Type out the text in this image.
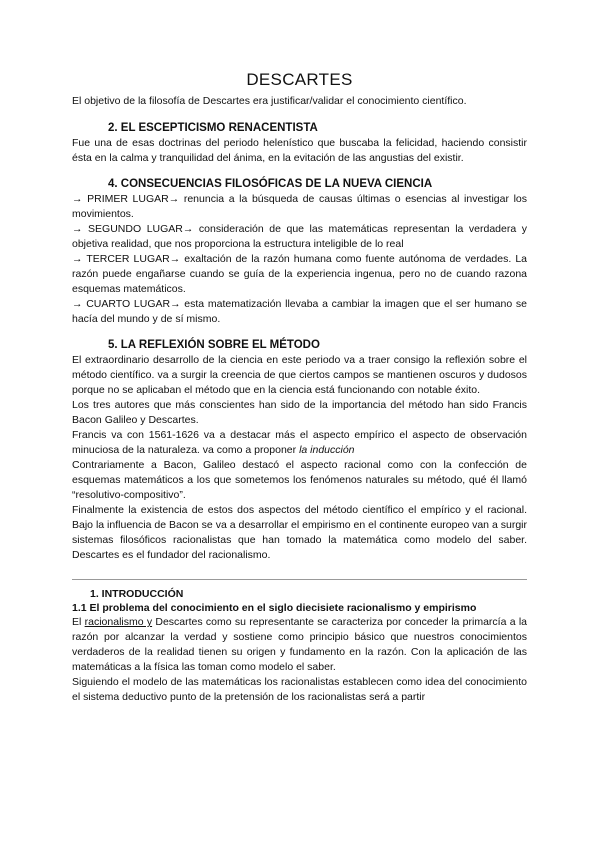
DESCARTES

El objetivo de la filosofía de Descartes era justificar/validar el conocimiento científico.

2. EL ESCEPTICISMO RENACENTISTA

Fue una de esas doctrinas del periodo helenístico que buscaba la felicidad, haciendo consistir ésta en la calma y tranquilidad del ánima, en la evitación de las angustias del existir.

4. CONSECUENCIAS FILOSÓFICAS DE LA NUEVA CIENCIA

→ PRIMER LUGAR→ renuncia a la búsqueda de causas últimas o esencias al investigar los movimientos.

→ SEGUNDO LUGAR→ consideración de que las matemáticas representan la verdadera y objetiva realidad, que nos proporciona la estructura inteligible de lo real

→ TERCER LUGAR→ exaltación de la razón humana como fuente autónoma de verdades. La razón puede engañarse cuando se guía de la experiencia ingenua, pero no de cuando razona esquemas matemáticos.

→ CUARTO LUGAR→ esta matematización llevaba a cambiar la imagen que el ser humano se hacía del mundo y de sí mismo.

5. LA REFLEXIÓN SOBRE EL MÉTODO

El extraordinario desarrollo de la ciencia en este periodo va a traer consigo la reflexión sobre el método científico. va a surgir la creencia de que ciertos campos se mantienen oscuros y dudosos porque no se aplicaban el método que en la ciencia está funcionando con notable éxito.

Los tres autores que más conscientes han sido de la importancia del método han sido Francis Bacon Galileo y Descartes.

Francis va con 1561-1626 va a destacar más el aspecto empírico el aspecto de observación minuciosa de la naturaleza. va como a proponer la inducción

Contrariamente a Bacon, Galileo destacó el aspecto racional como con la confección de esquemas matemáticos a los que sometemos los fenómenos naturales su método, qué él llamó “resolutivo-compositivo”.

Finalmente la existencia de estos dos aspectos del método científico el empírico y el racional. Bajo la influencia de Bacon se va a desarrollar el empirismo en el continente europeo van a surgir sistemas filosóficos racionalistas que han tomado la matemática como modelo del saber. Descartes es el fundador del racionalismo.

1. INTRODUCCIÓN
1.1 El problema del conocimiento en el siglo diecisiete racionalismo y empirismo

El racionalismo y Descartes como su representante se caracteriza por conceder la primarcía a la razón por alcanzar la verdad y sostiene como principio básico que nuestros conocimientos verdaderos de la realidad tienen su origen y fundamento en la razón. Con la aplicación de las matemáticas a la física las toman como modelo el saber.

Siguiendo el modelo de las matemáticas los racionalistas establecen como idea del conocimiento el sistema deductivo punto de la pretensión de los racionalistas será a partir
